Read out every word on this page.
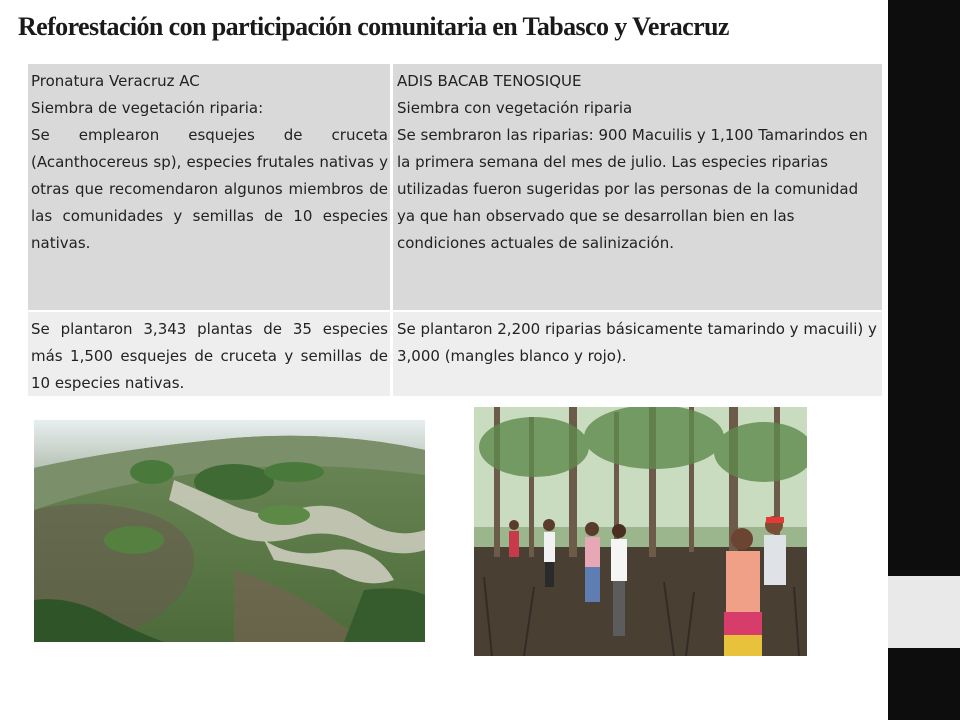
Reforestación con participación comunitaria en Tabasco y Veracruz
Pronatura Veracruz AC
Siembra de vegetación riparia:
Se emplearon esquejes de cruceta (Acanthocereus sp), especies frutales nativas y otras que recomendaron algunos miembros de las comunidades y semillas de 10 especies nativas.
ADIS BACAB TENOSIQUE
Siembra con vegetación riparia
Se sembraron las riparias: 900 Macuilis y 1,100 Tamarindos en la primera semana del mes de julio. Las especies riparias utilizadas fueron sugeridas por las personas de la comunidad ya que han observado que se desarrollan bien en las condiciones actuales de salinización.
Se plantaron 3,343 plantas de 35 especies más 1,500 esquejes de cruceta y semillas de 10 especies nativas.
Se plantaron 2,200 riparias básicamente tamarindo y macuili) y 3,000 (mangles blanco y rojo).
